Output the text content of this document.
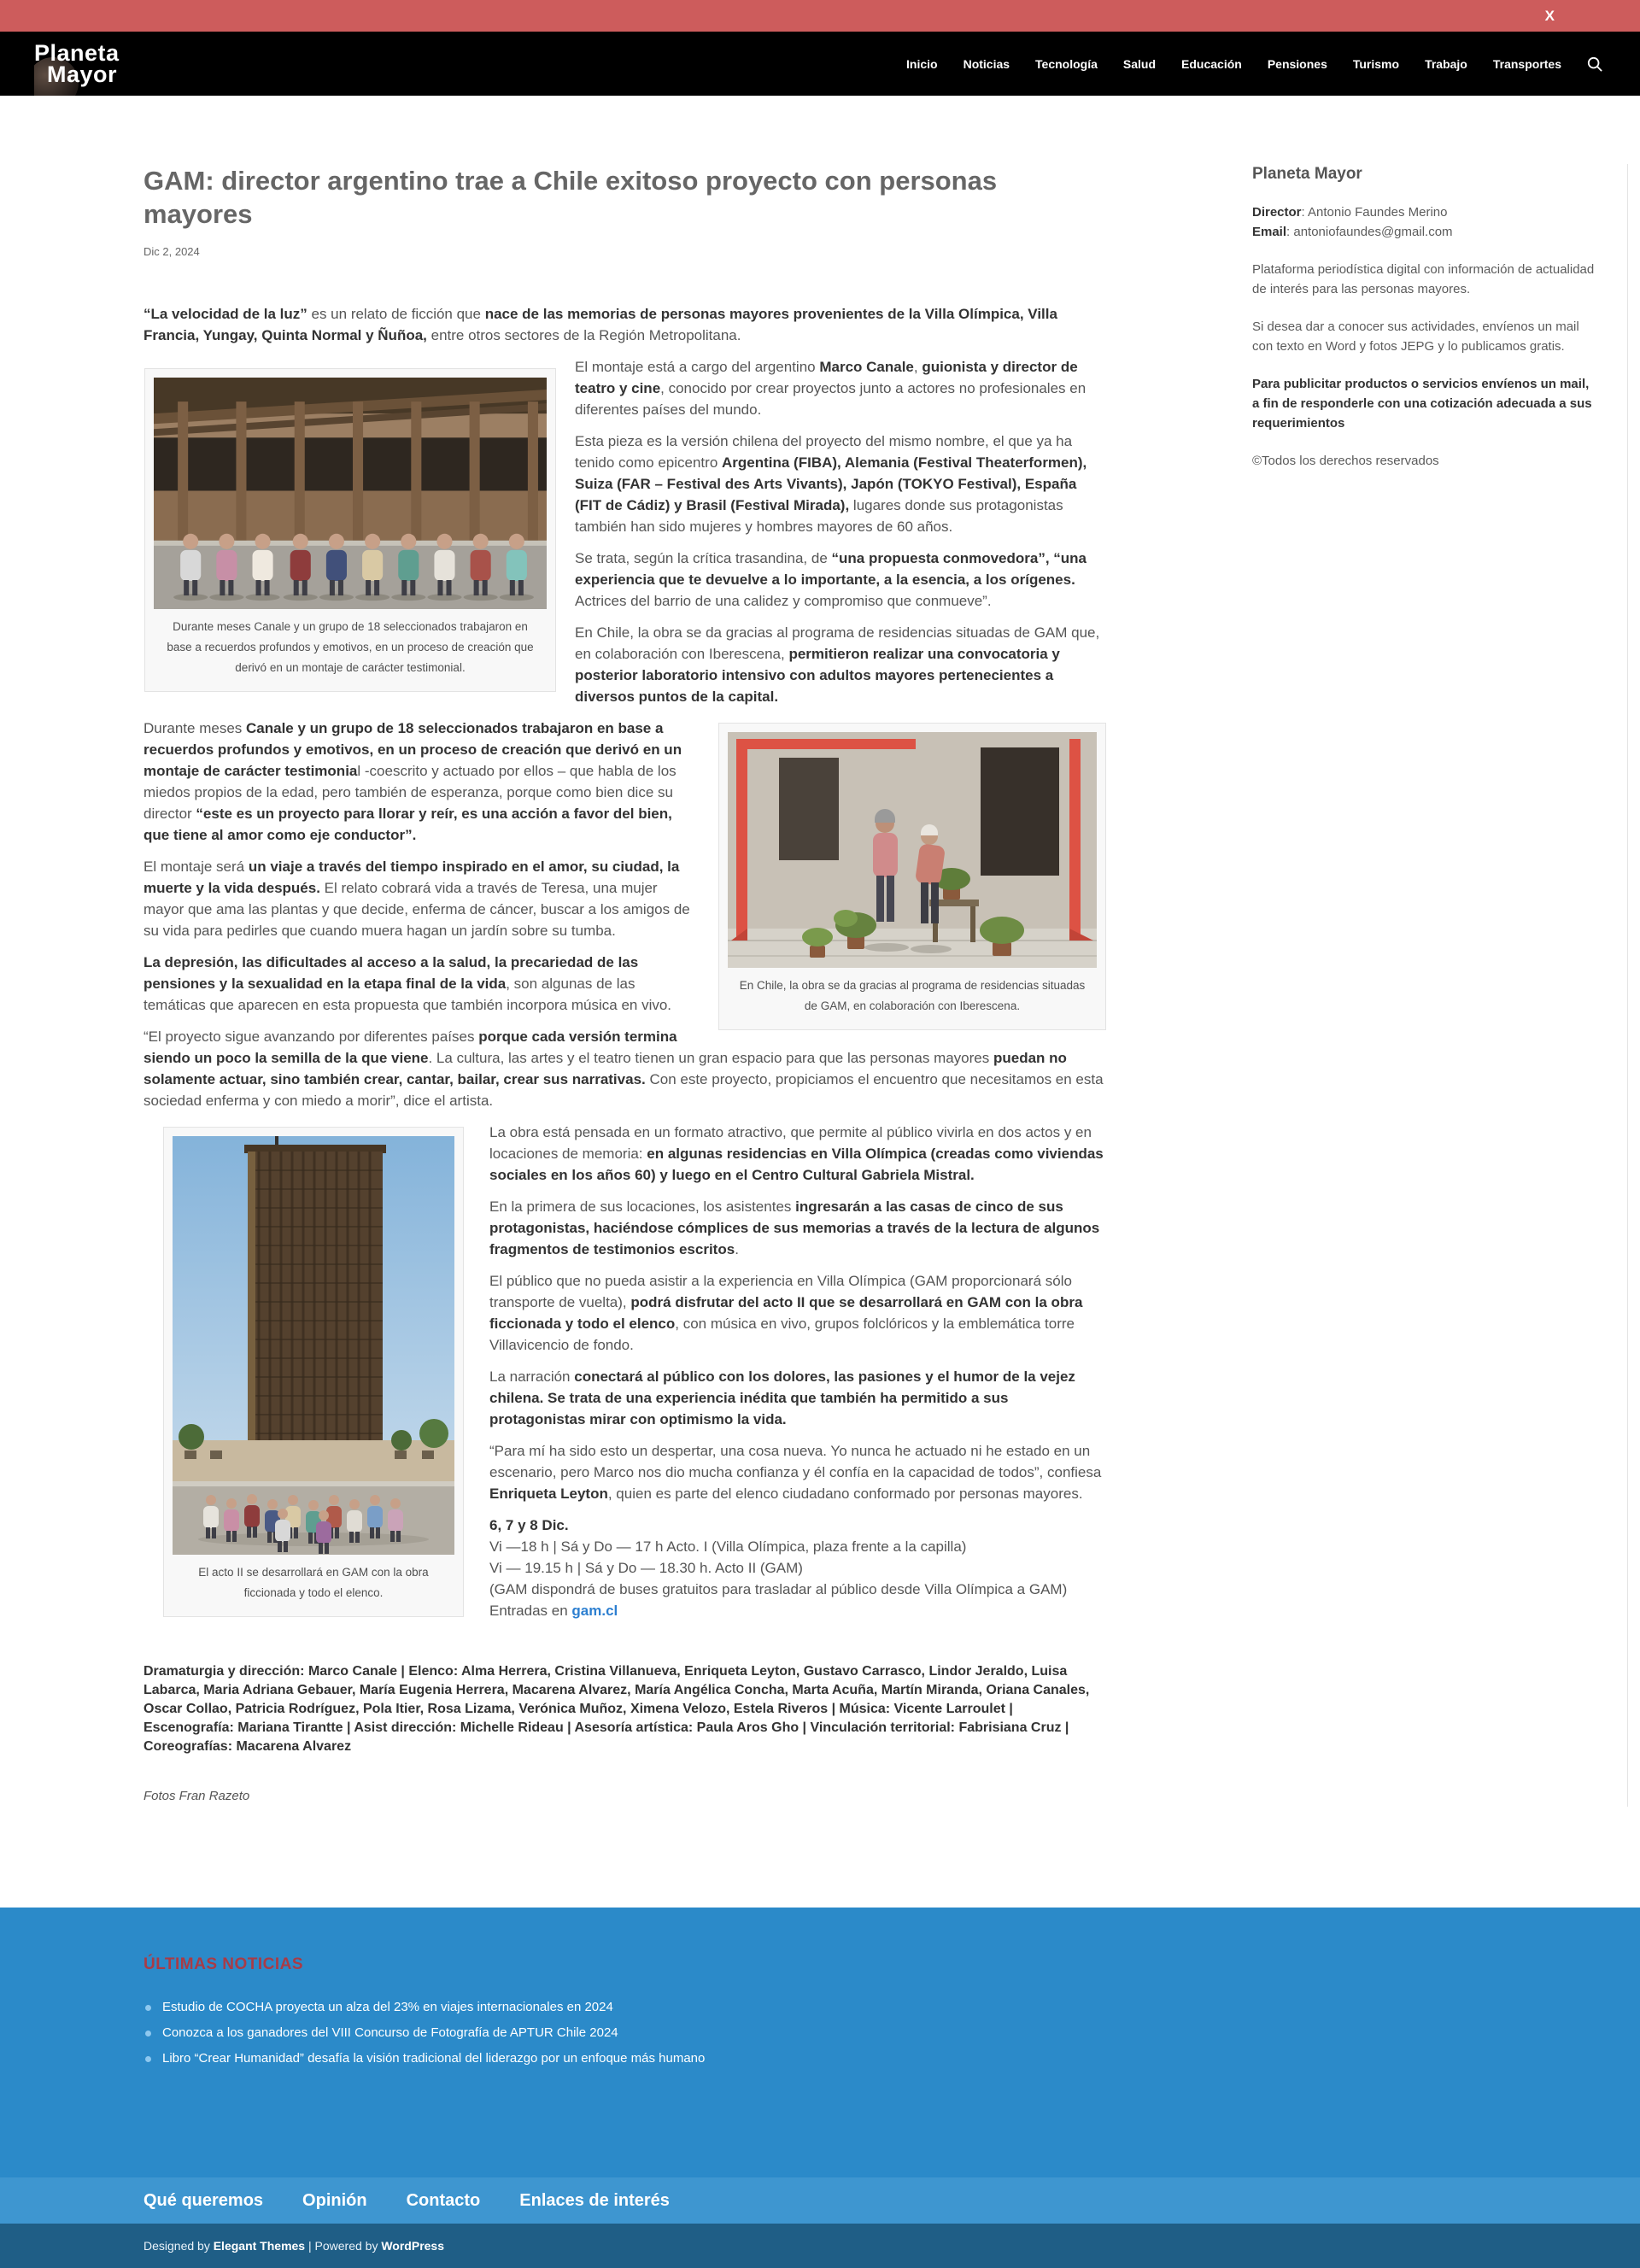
X
Planeta
Mayor	Inicio Noticias Tecnología Salud Educación Pensiones Turismo Trabajo Transportes
GAM: director argentino trae a Chile exitoso proyecto con personas mayores
Dic 2, 2024

“La velocidad de la luz” es un relato de ficción que nace de las memorias de personas mayores provenientes de la Villa Olímpica, Villa Francia, Yungay, Quinta Normal y Ñuñoa, entre otros sectores de la Región Metropolitana.

Durante meses Canale y un grupo de 18 seleccionados trabajaron en base a recuerdos profundos y emotivos, en un proceso de creación que derivó en un montaje de carácter testimonial.

El montaje está a cargo del argentino Marco Canale, guionista y director de teatro y cine, conocido por crear proyectos junto a actores no profesionales en diferentes países del mundo.

Esta pieza es la versión chilena del proyecto del mismo nombre, el que ya ha tenido como epicentro Argentina (FIBA), Alemania (Festival Theaterformen), Suiza (FAR – Festival des Arts Vivants), Japón (TOKYO Festival), España (FIT de Cádiz) y Brasil (Festival Mirada), lugares donde sus protagonistas también han sido mujeres y hombres mayores de 60 años.

Se trata, según la crítica trasandina, de “una propuesta conmovedora”, “una experiencia que te devuelve a lo importante, a la esencia, a los orígenes. Actrices del barrio de una calidez y compromiso que conmueve”.

En Chile, la obra se da gracias al programa de residencias situadas de GAM que, en colaboración con Iberescena, permitieron realizar una convocatoria y posterior laboratorio intensivo con adultos mayores pertenecientes a diversos puntos de la capital.

En Chile, la obra se da gracias al programa de residencias situadas de GAM, en colaboración con Iberescena.

Durante meses Canale y un grupo de 18 seleccionados trabajaron en base a recuerdos profundos y emotivos, en un proceso de creación que derivó en un montaje de carácter testimonial -coescrito y actuado por ellos – que habla de los miedos propios de la edad, pero también de esperanza, porque como bien dice su director “este es un proyecto para llorar y reír, es una acción a favor del bien, que tiene al amor como eje conductor”.

El montaje será un viaje a través del tiempo inspirado en el amor, su ciudad, la muerte y la vida después. El relato cobrará vida a través de Teresa, una mujer mayor que ama las plantas y que decide, enferma de cáncer, buscar a los amigos de su vida para pedirles que cuando muera hagan un jardín sobre su tumba.

La depresión, las dificultades al acceso a la salud, la precariedad de las pensiones y la sexualidad en la etapa final de la vida, son algunas de las temáticas que aparecen en esta propuesta que también incorpora música en vivo.

“El proyecto sigue avanzando por diferentes países porque cada versión termina siendo un poco la semilla de la que viene. La cultura, las artes y el teatro tienen un gran espacio para que las personas mayores puedan no solamente actuar, sino también crear, cantar, bailar, crear sus narrativas. Con este proyecto, propiciamos el encuentro que necesitamos en esta sociedad enferma y con miedo a morir”, dice el artista.

El acto II se desarrollará en GAM con la obra ficcionada y todo el elenco.

La obra está pensada en un formato atractivo, que permite al público vivirla en dos actos y en locaciones de memoria: en algunas residencias en Villa Olímpica (creadas como viviendas sociales en los años 60) y luego en el Centro Cultural Gabriela Mistral.

En la primera de sus locaciones, los asistentes ingresarán a las casas de cinco de sus protagonistas, haciéndose cómplices de sus memorias a través de la lectura de algunos fragmentos de testimonios escritos.

El público que no pueda asistir a la experiencia en Villa Olímpica (GAM proporcionará sólo transporte de vuelta), podrá disfrutar del acto II que se desarrollará en GAM con la obra ficcionada y todo el elenco, con música en vivo, grupos folclóricos y la emblemática torre Villavicencio de fondo.

La narración conectará al público con los dolores, las pasiones y el humor de la vejez chilena. Se trata de una experiencia inédita que también ha permitido a sus protagonistas mirar con optimismo la vida.

“Para mí ha sido esto un despertar, una cosa nueva. Yo nunca he actuado ni he estado en un escenario, pero Marco nos dio mucha confianza y él confía en la capacidad de todos”, confiesa Enriqueta Leyton, quien es parte del elenco ciudadano conformado por personas mayores.

6, 7 y 8 Dic.

Vi —18 h | Sá y Do — 17 h Acto. I (Villa Olímpica, plaza frente a la capilla)

Vi — 19.15 h | Sá y Do — 18.30 h. Acto II (GAM)

(GAM dispondrá de buses gratuitos para trasladar al público desde Villa Olímpica a GAM)

Entradas en gam.cl

Dramaturgia y dirección: Marco Canale | Elenco: Alma Herrera, Cristina Villanueva, Enriqueta Leyton, Gustavo Carrasco, Lindor Jeraldo, Luisa Labarca, Maria Adriana Gebauer, María Eugenia Herrera, Macarena Alvarez, María Angélica Concha, Marta Acuña, Martín Miranda, Oriana Canales, Oscar Collao, Patricia Rodríguez, Pola Itier, Rosa Lizama, Verónica Muñoz, Ximena Velozo, Estela Riveros | Música: Vicente Larroulet | Escenografía: Mariana Tirantte | Asist dirección: Michelle Rideau | Asesoría artística: Paula Aros Gho | Vinculación territorial: Fabrisiana Cruz | Coreografías: Macarena Alvarez

Fotos Fran Razeto

Planeta Mayor

Director: Antonio Faundes Merino

Email: antoniofaundes@gmail.com

Plataforma periodística digital con información de actualidad de interés para las personas mayores.

Si desea dar a conocer sus actividades, envíenos un mail con texto en Word y fotos JEPG y lo publicamos gratis.

Para publicitar productos o servicios envíenos un mail, a fin de responderle con una cotización adecuada a sus requerimientos

©Todos los derechos reservados

ÚLTIMAS NOTICIAS
Estudio de COCHA proyecta un alza del 23% en viajes internacionales en 2024
Conozca a los ganadores del VIII Concurso de Fotografía de APTUR Chile 2024
Libro “Crear Humanidad” desafía la visión tradicional del liderazgo por un enfoque más humano
Qué queremos Opinión Contacto Enlaces de interés
Designed by Elegant Themes | Powered by WordPress
